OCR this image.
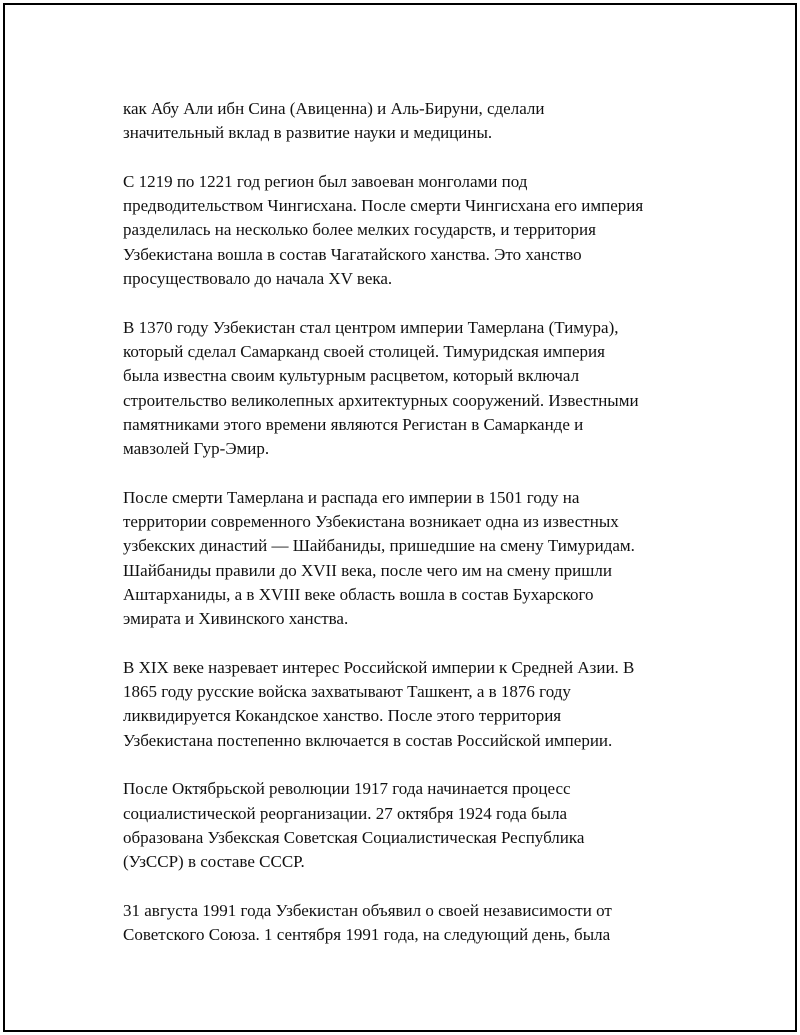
как Абу Али ибн Сина (Авиценна) и Аль-Бируни, сделали
значительный вклад в развитие науки и медицины.

С 1219 по 1221 год регион был завоеван монголами под
предводительством Чингисхана. После смерти Чингисхана его империя
разделилась на несколько более мелких государств, и территория
Узбекистана вошла в состав Чагатайского ханства. Это ханство
просуществовало до начала XV века.

В 1370 году Узбекистан стал центром империи Тамерлана (Тимура),
который сделал Самарканд своей столицей. Тимуридская империя
была известна своим культурным расцветом, который включал
строительство великолепных архитектурных сооружений. Известными
памятниками этого времени являются Регистан в Самарканде и
мавзолей Гур-Эмир.

После смерти Тамерлана и распада его империи в 1501 году на
территории современного Узбекистана возникает одна из известных
узбекских династий — Шайбаниды, пришедшие на смену Тимуридам.
Шайбаниды правили до XVII века, после чего им на смену пришли
Аштарханиды, а в XVIII веке область вошла в состав Бухарского
эмирата и Хивинского ханства.

В XIX веке назревает интерес Российской империи к Средней Азии. В
1865 году русские войска захватывают Ташкент, а в 1876 году
ликвидируется Кокандское ханство. После этого территория
Узбекистана постепенно включается в состав Российской империи.

После Октябрьской революции 1917 года начинается процесс
социалистической реорганизации. 27 октября 1924 года была
образована Узбекская Советская Социалистическая Республика
(УзССР) в составе СССР.

31 августа 1991 года Узбекистан объявил о своей независимости от
Советского Союза. 1 сентября 1991 года, на следующий день, была
